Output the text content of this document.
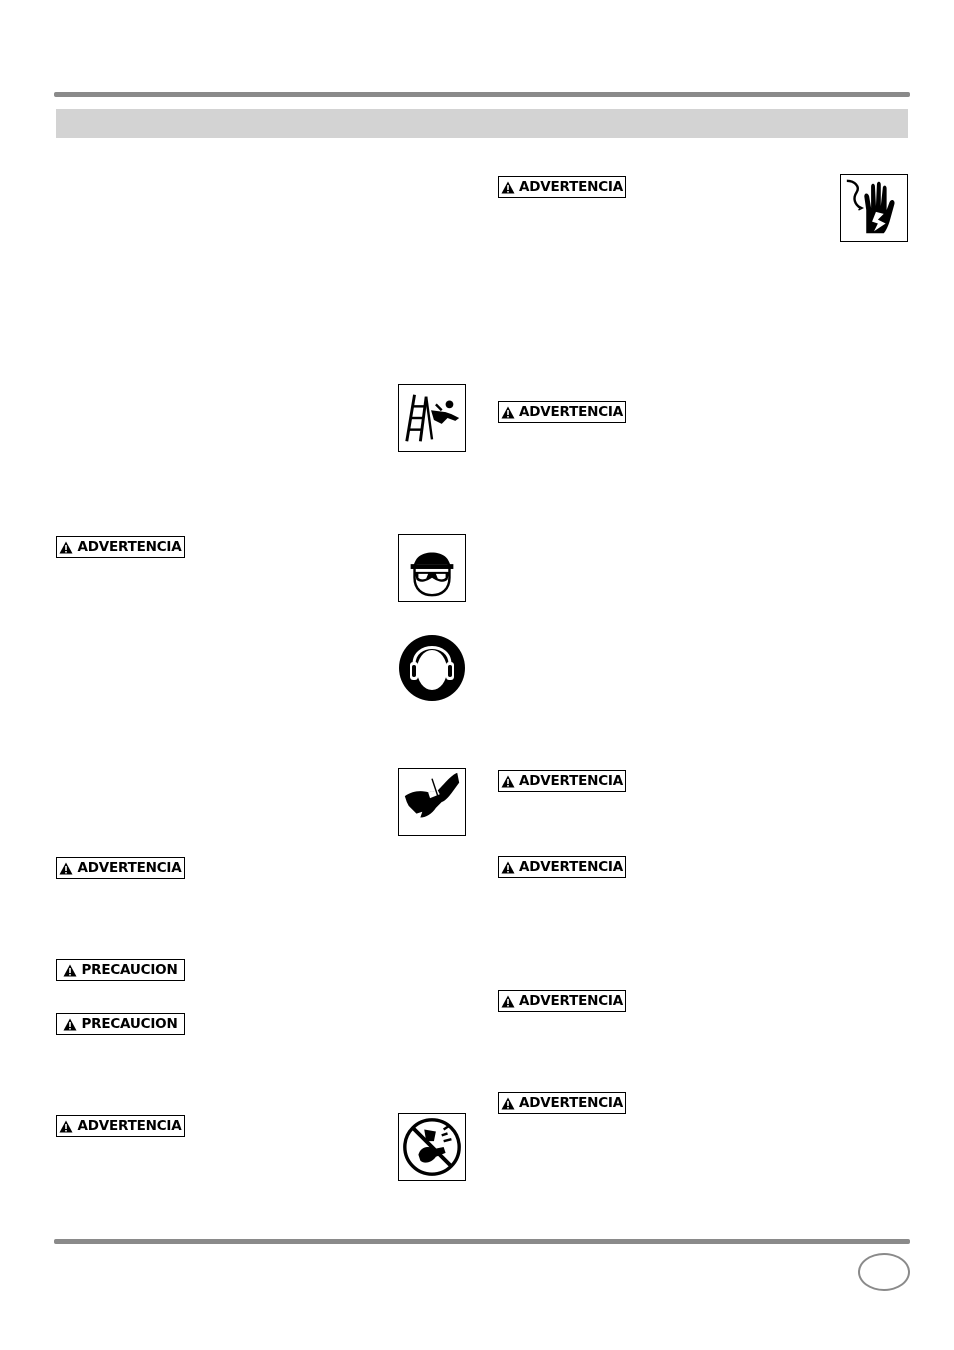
ADVERTENCIA
ADVERTENCIA
PRECAUCION
PRECAUCION
ADVERTENCIA
ADVERTENCIA
ADVERTENCIA
ADVERTENCIA
ADVERTENCIA
ADVERTENCIA
ADVERTENCIA
